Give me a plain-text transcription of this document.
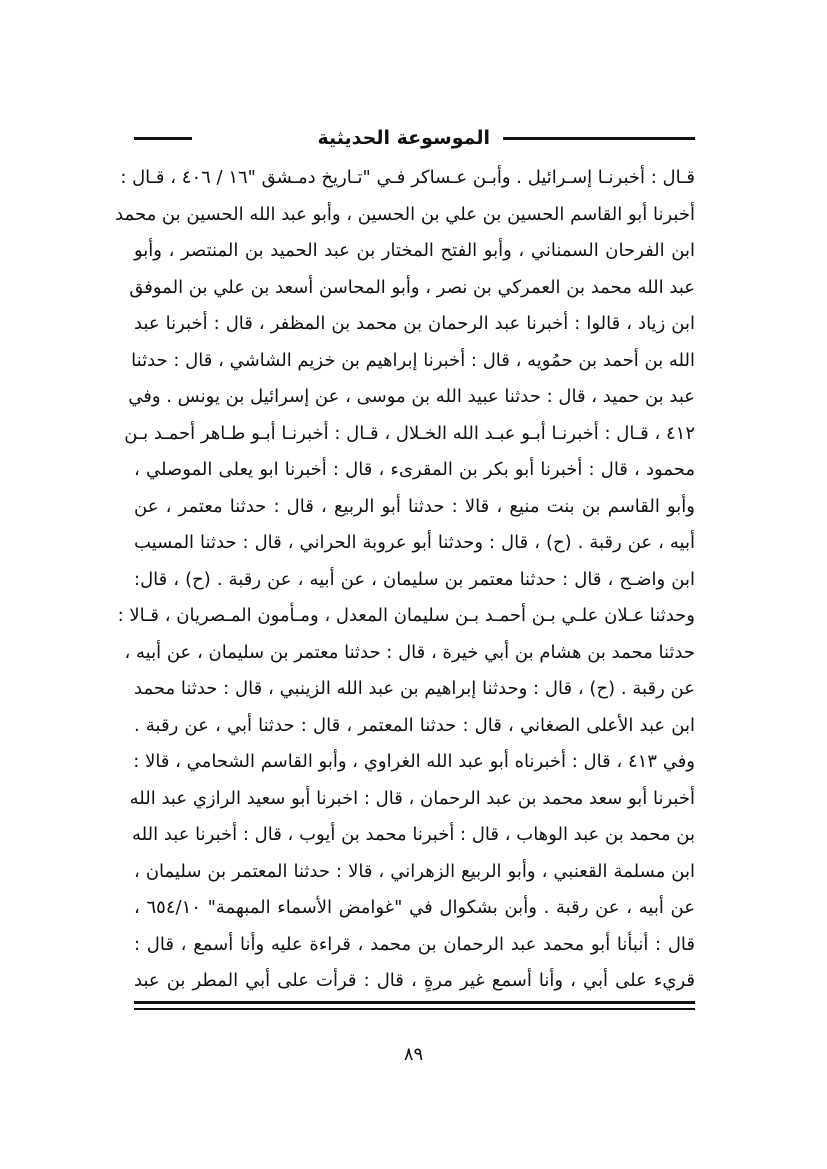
الموسوعة الحديثية
قـال : أخبرنـا إسـرائيل . وأبـن عـساكر فـي "تـاريخ دمـشق "١٦ / ٤٠٦ ، قـال :
أخبرنا أبو القاسم الحسين بن علي بن الحسين ، وأبو عبد الله الحسين بن محمد
ابن الفرحان السمناني ، وأبو الفتح المختار بن عبد الحميد بن المنتصر ، وأبو
عبد الله محمد بن العمركي بن نصر ، وأبو المحاسن أسعد بن علي بن الموفق
ابن زياد ، قالوا : أخبرنا عبد الرحمان بن محمد بن المظفر ، قال : أخبرنا عبد
الله بن أحمد بن حمُويه ، قال : أخبرنا إبراهيم بن خزيم الشاشي ، قال : حدثنا
عبد بن حميد ، قال : حدثنا عبيد الله بن موسى ، عن إسرائيل بن يونس . وفي
٤١٢ ، قـال : أخبرنـا أبـو عبـد الله الخـلال ، قـال : أخبرنـا أبـو طـاهر أحمـد بـن
محمود ، قال : أخبرنا أبو بكر بن المقرىء ، قال : أخبرنا ابو يعلى الموصلي ،
وأبو القاسم بن بنت منيع ، قالا : حدثنا أبو الربيع ، قال : حدثنا معتمر ، عن
أبيه ، عن رقبة . (ح) ، قال : وحدثنا أبو عروبة الحراني ، قال : حدثنا المسيب
ابن واضـح ، قال : حدثنا معتمر بن سليمان ، عن أبيه ، عن رقبة . (ح) ، قال:
وحدثنا عـلان علـي بـن أحمـد بـن سليمان المعدل ، ومـأمون المـصريان ، قـالا :
حدثنا محمد بن هشام بن أبي خيرة ، قال : حدثنا معتمر بن سليمان ، عن أبيه ،
عن رقبة . (ح) ، قال : وحدثنا إبراهيم بن عبد الله الزينبي ، قال : حدثنا محمد
ابن عبد الأعلى الصغاني ، قال : حدثنا المعتمر ، قال : حدثنا أبي ، عن رقبة .
وفي ٤١٣ ، قال : أخبرناه أبو عبد الله الغراوي ، وأبو القاسم الشحامي ، قالا :
أخبرنا أبو سعد محمد بن عبد الرحمان ، قال : اخبرنا أبو سعيد الرازي عبد الله
بن محمد بن عبد الوهاب ، قال : أخبرنا محمد بن أيوب ، قال : أخبرنا عبد الله
ابن مسلمة القعنبي ، وأبو الربيع الزهراني ، قالا : حدثنا المعتمر بن سليمان ،
عن أبيه ، عن رقبة . وأبن بشكوال في "غوامض الأسماء المبهمة" ٦٥٤/١٠ ،
قال : أنبأنا أبو محمد عبد الرحمان بن محمد ، قراءة عليه وأنا أسمع ، قال :
قريء على أبي ، وأنا أسمع غير مرةٍ ، قال : قرأت على أبي المطر بن عبد
٨٩
